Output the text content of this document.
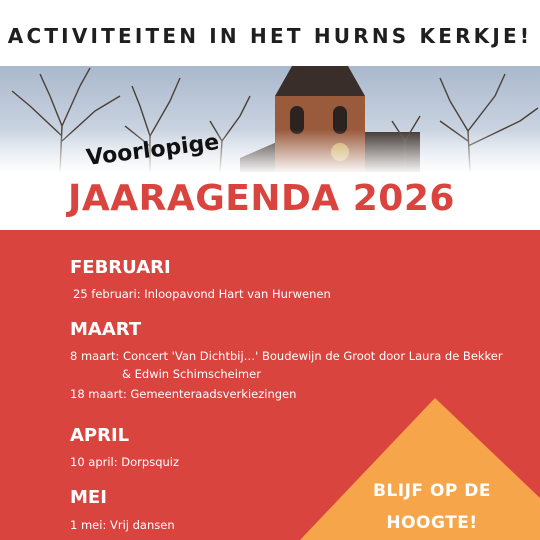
ACTIVITEITEN IN HET HURNS KERKJE!
Voorlopige
JAARAGENDA 2026
FEBRUARI
25 februari: Inloopavond Hart van Hurwenen
MAART
8 maart: Concert 'Van Dichtbij…' Boudewijn de Groot door Laura de Bekker
& Edwin Schimscheimer
18 maart: Gemeenteraadsverkiezingen
APRIL
10 april: Dorpsquiz
MEI
1 mei: Vrij dansen
BLIJF OP DE
HOOGTE!
